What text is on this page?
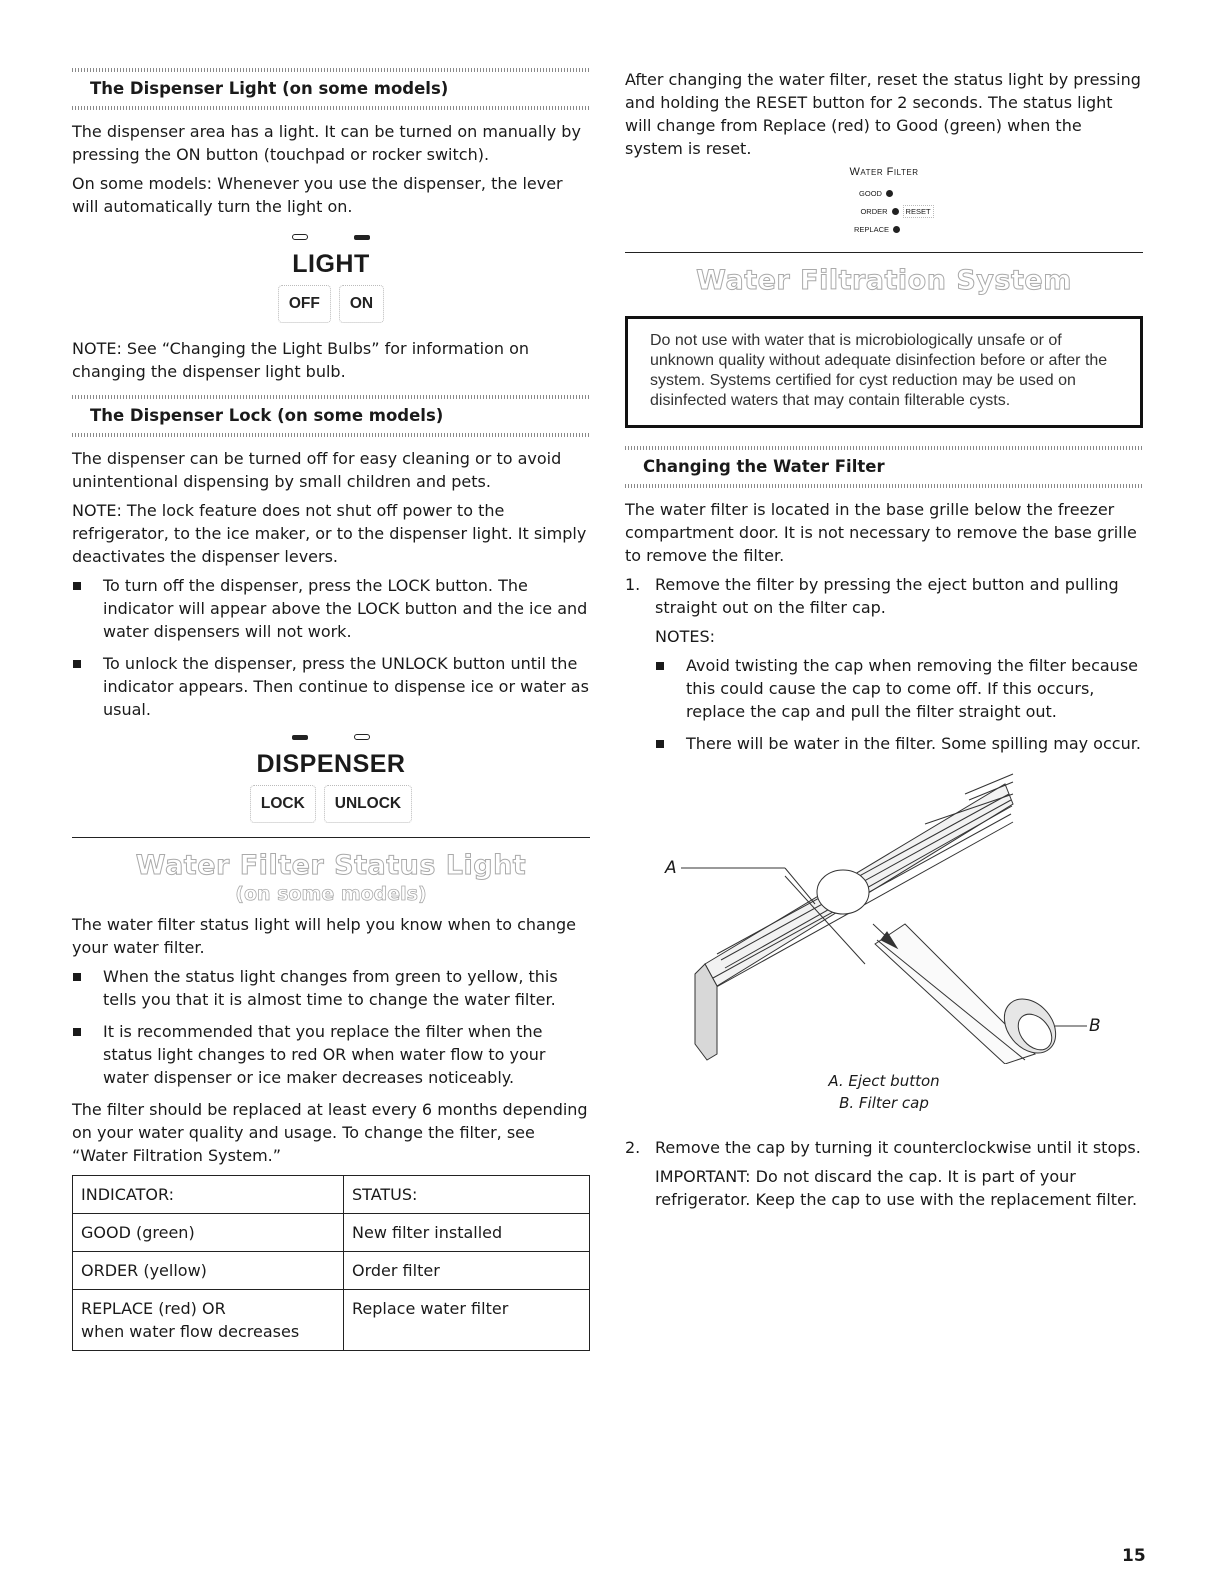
The Dispenser Light (on some models)

The dispenser area has a light. It can be turned on manually by pressing the ON button (touchpad or rocker switch).

On some models: Whenever you use the dispenser, the lever will automatically turn the light on.

LIGHT
OFF	ON

NOTE: See “Changing the Light Bulbs” for information on changing the dispenser light bulb.

The Dispenser Lock (on some models)

The dispenser can be turned off for easy cleaning or to avoid unintentional dispensing by small children and pets.

NOTE: The lock feature does not shut off power to the refrigerator, to the ice maker, or to the dispenser light. It simply deactivates the dispenser levers.

To turn off the dispenser, press the LOCK button. The indicator will appear above the LOCK button and the ice and water dispensers will not work.
To unlock the dispenser, press the UNLOCK button until the indicator appears. Then continue to dispense ice or water as usual.
DISPENSER
LOCK	UNLOCK
Water Filter Status Light
(on some models)

The water filter status light will help you know when to change your water filter.

When the status light changes from green to yellow, this tells you that it is almost time to change the water filter.
It is recommended that you replace the filter when the status light changes to red OR when water flow to your water dispenser or ice maker decreases noticeably.

The filter should be replaced at least every 6 months depending on your water quality and usage. To change the filter, see “Water Filtration System.”

INDICATOR:	STATUS:
GOOD (green)	New filter installed
ORDER (yellow)	Order filter
REPLACE (red) OR
when water flow decreases	Replace water filter

After changing the water filter, reset the status light by pressing and holding the RESET button for 2 seconds. The status light will change from Replace (red) to Good (green) when the system is reset.

Water Filter
GOOD
ORDER	RESET
REPLACE
Water Filtration System

Do not use with water that is microbiologically unsafe or of unknown quality without adequate disinfection before or after the system. Systems certified for cyst reduction may be used on disinfected waters that may contain filterable cysts.

Changing the Water Filter

The water filter is located in the base grille below the freezer compartment door. It is not necessary to remove the base grille to remove the filter.

1. Remove the filter by pressing the eject button and pulling straight out on the filter cap.
NOTES:
Avoid twisting the cap when removing the filter because this could cause the cap to come off. If this occurs, replace the cap and pull the filter straight out.
There will be water in the filter. Some spilling may occur.
A
B
A. Eject button
B. Filter cap
2. Remove the cap by turning it counterclockwise until it stops.
IMPORTANT: Do not discard the cap. It is part of your refrigerator. Keep the cap to use with the replacement filter.
15
